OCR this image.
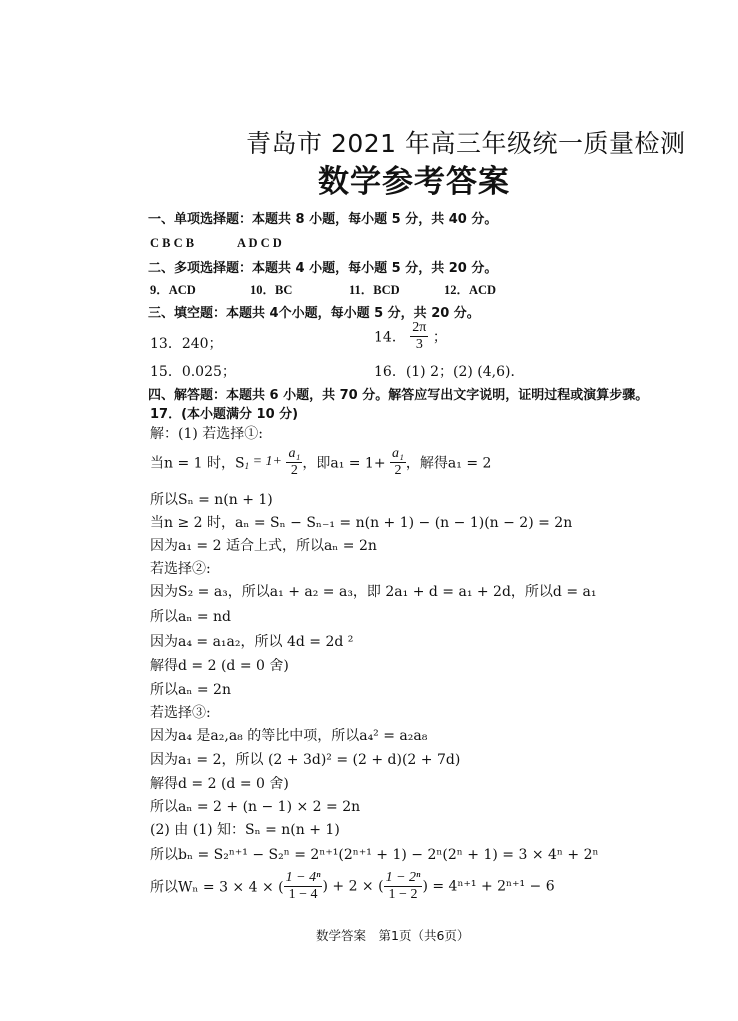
青岛市 2021 年高三年级统一质量检测
数学参考答案
一、单项选择题：本题共 8 小题，每小题 5 分，共 40 分。
C B C B	A D C D
二、多项选择题：本题共 4 小题，每小题 5 分，共 20 分。
9．ACD	10．BC	11．BCD	12．ACD
三、填空题：本题共 4个小题，每小题 5 分，共 20 分。
13．240；	14． $\frac{2\pi}{3}$ ；
15．0.025；	16．(1) 2；(2) (4,6)．
四、解答题：本题共 6 小题，共 70 分。解答应写出文字说明，证明过程或演算步骤。
17．(本小题满分 10 分)
解：(1) 若选择①:
当n = 1 时，$S_1 = 1+ \frac{\text{a₁}}{2}$ ，即$a_1 = 1+ \frac{\text{a₁}}{2}$ ，解得a₁ = 2
所以Sₙ = n(n + 1)
当n ≥ 2 时，aₙ = Sₙ − Sₙ₋₁ = n(n + 1) − (n − 1)(n − 2) = 2n
因为a₁ = 2 适合上式，所以aₙ = 2n
若选择②:
因为S₂ = a₃，所以a₁ + a₂ = a₃，即 2a₁ + d = a₁ + 2d，所以d = a₁
所以aₙ = nd
因为a₄ = a₁a₂，所以 4d = 2d ²
解得d = 2 (d = 0 舍)
所以aₙ = 2n
若选择③:
因为a₄ 是a₂,a₈ 的等比中项，所以a₄² = a₂a₈
因为a₁ = 2，所以 (2 + 3d)² = (2 + d)(2 + 7d)
解得d = 2 (d = 0 舍)
所以aₙ = 2 + (n − 1) × 2 = 2n
(2) 由 (1) 知：Sₙ = n(n + 1)
所以bₙ = S₂ⁿ⁺¹ − S₂ⁿ = 2ⁿ⁺¹(2ⁿ⁺¹ + 1) − 2ⁿ(2ⁿ + 1) = 3 × 4ⁿ + 2ⁿ
所以Wₙ = 3 × 4 × ( $\frac{\text{1 − 4ⁿ}}{1 - 4}$ ) + 2 × ( $\frac{\text{1 − 2ⁿ}}{1 - 2}$ ) = 4ⁿ⁺¹ + 2ⁿ⁺¹ − 6
数学答案　第1页（共6页）
